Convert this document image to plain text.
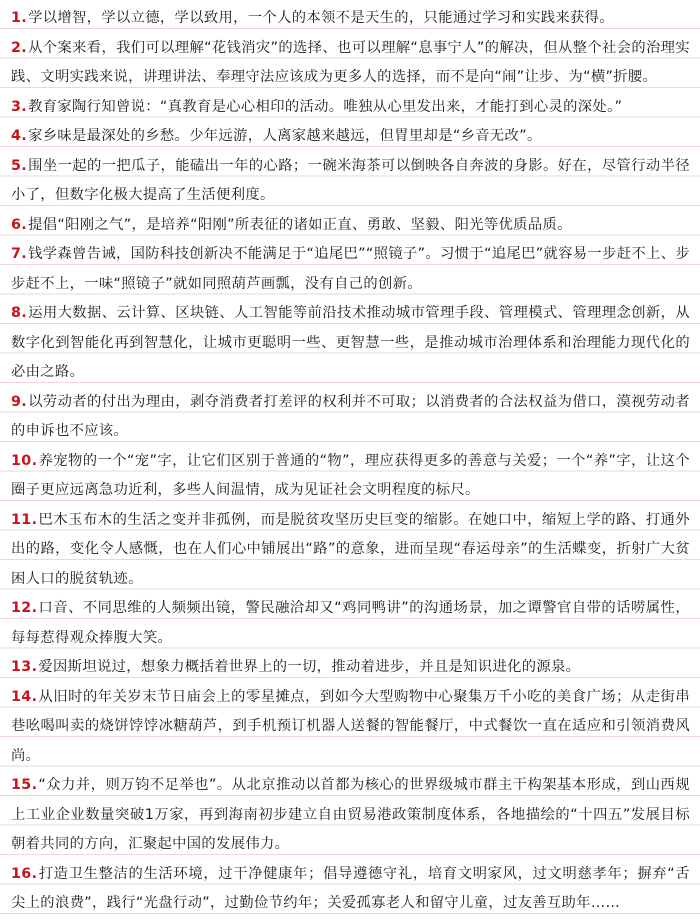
1.学以增智，学以立德，学以致用，一个人的本领不是天生的，只能通过学习和实践来获得。

2.从个案来看，我们可以理解“花钱消灾”的选择、也可以理解“息事宁人”的解决，但从整个社会的治理实践、文明实践来说，讲理讲法、奉理守法应该成为更多人的选择，而不是向“闹”让步、为“横”折腰。

3.教育家陶行知曾说：“真教育是心心相印的活动。唯独从心里发出来，才能打到心灵的深处。”

4.家乡味是最深处的乡愁。少年远游，人离家越来越远，但胃里却是“乡音无改”。

5.围坐一起的一把瓜子，能磕出一年的心路；一碗米海茶可以倒映各自奔波的身影。好在，尽管行动半径小了，但数字化极大提高了生活便利度。

6.提倡“阳刚之气”，是培养“阳刚”所表征的诸如正直、勇敢、坚毅、阳光等优质品质。

7.钱学森曾告诫，国防科技创新决不能满足于“追尾巴”“照镜子”。习惯于“追尾巴”就容易一步赶不上、步步赶不上，一味“照镜子”就如同照葫芦画瓢，没有自己的创新。

8.运用大数据、云计算、区块链、人工智能等前沿技术推动城市管理手段、管理模式、管理理念创新，从数字化到智能化再到智慧化，让城市更聪明一些、更智慧一些，是推动城市治理体系和治理能力现代化的必由之路。

9.以劳动者的付出为理由，剥夺消费者打差评的权利并不可取；以消费者的合法权益为借口，漠视劳动者的申诉也不应该。

10.养宠物的一个“宠”字，让它们区别于普通的“物”，理应获得更多的善意与关爱；一个“养”字，让这个圈子更应远离急功近利，多些人间温情，成为见证社会文明程度的标尺。

11.巴木玉布木的生活之变并非孤例，而是脱贫攻坚历史巨变的缩影。在她口中，缩短上学的路、打通外出的路，变化令人感慨，也在人们心中铺展出“路”的意象，进而呈现“春运母亲”的生活蝶变，折射广大贫困人口的脱贫轨迹。

12.口音、不同思维的人频频出镜，警民融洽却又“鸡同鸭讲”的沟通场景，加之谭警官自带的话唠属性，每每惹得观众捧腹大笑。

13.爱因斯坦说过，想象力概括着世界上的一切，推动着进步，并且是知识进化的源泉。

14.从旧时的年关岁末节日庙会上的零星摊点，到如今大型购物中心聚集万千小吃的美食广场；从走街串巷吆喝叫卖的烧饼饽饽冰糖葫芦，到手机预订机器人送餐的智能餐厅，中式餐饮一直在适应和引领消费风尚。

15.“众力并，则万钧不足举也”。从北京推动以首都为核心的世界级城市群主干构架基本形成，到山西规上工业企业数量突破1万家，再到海南初步建立自由贸易港政策制度体系，各地描绘的“十四五”发展目标朝着共同的方向，汇聚起中国的发展伟力。

16.打造卫生整洁的生活环境，过干净健康年；倡导遵德守礼，培育文明家风，过文明慈孝年；摒弃“舌尖上的浪费”，践行“光盘行动”，过勤俭节约年；关爱孤寡老人和留守儿童，过友善互助年……
